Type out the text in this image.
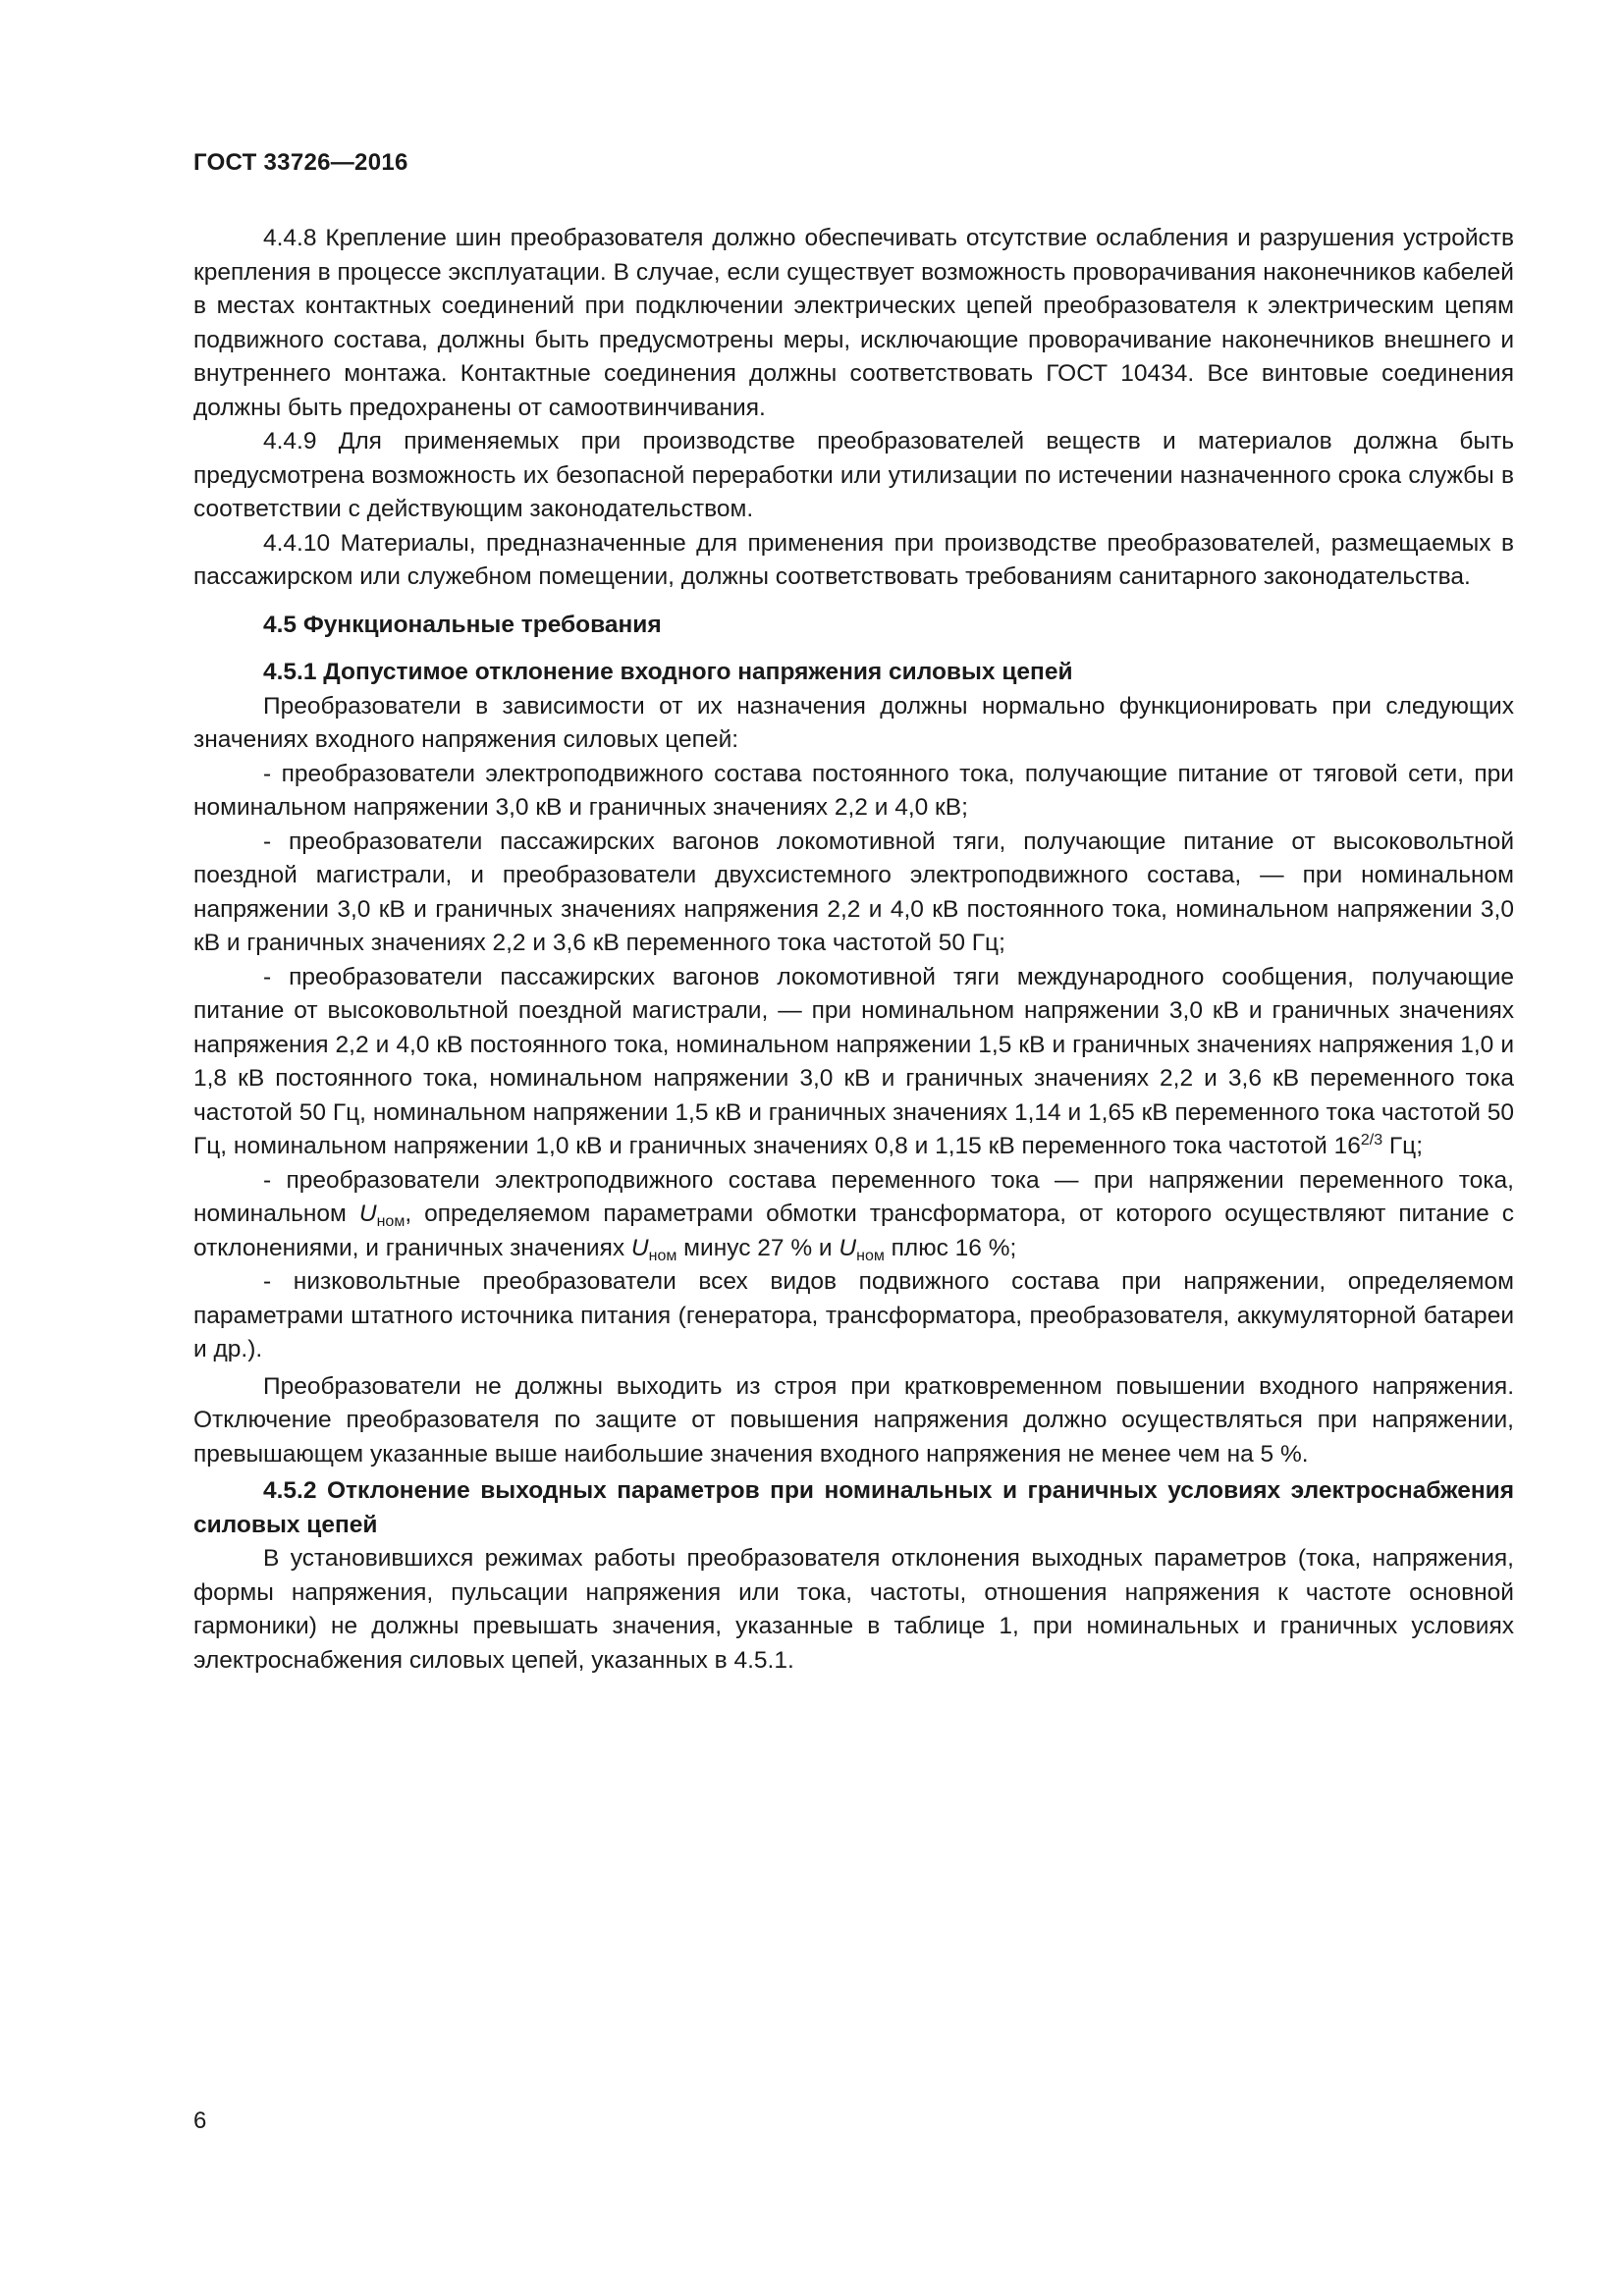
ГОСТ 33726—2016

4.4.8 Крепление шин преобразователя должно обеспечивать отсутствие ослабления и разрушения устройств крепления в процессе эксплуатации. В случае, если существует возможность проворачивания наконечников кабелей в местах контактных соединений при подключении электрических цепей преобразователя к электрическим цепям подвижного состава, должны быть предусмотрены меры, исключающие проворачивание наконечников внешнего и внутреннего монтажа. Контактные соединения должны соответствовать ГОСТ 10434. Все винтовые соединения должны быть предохранены от самоотвинчивания.

4.4.9 Для применяемых при производстве преобразователей веществ и материалов должна быть предусмотрена возможность их безопасной переработки или утилизации по истечении назначенного срока службы в соответствии с действующим законодательством.

4.4.10 Материалы, предназначенные для применения при производстве преобразователей, размещаемых в пассажирском или служебном помещении, должны соответствовать требованиям санитарного законодательства.

4.5 Функциональные требования

4.5.1 Допустимое отклонение входного напряжения силовых цепей

Преобразователи в зависимости от их назначения должны нормально функционировать при следующих значениях входного напряжения силовых цепей:

- преобразователи электроподвижного состава постоянного тока, получающие питание от тяговой сети, при номинальном напряжении 3,0 кВ и граничных значениях 2,2 и 4,0 кВ;

- преобразователи пассажирских вагонов локомотивной тяги, получающие питание от высоковольтной поездной магистрали, и преобразователи двухсистемного электроподвижного состава, — при номинальном напряжении 3,0 кВ и граничных значениях напряжения 2,2 и 4,0 кВ постоянного тока, номинальном напряжении 3,0 кВ и граничных значениях 2,2 и 3,6 кВ переменного тока частотой 50 Гц;

- преобразователи пассажирских вагонов локомотивной тяги международного сообщения, получающие питание от высоковольтной поездной магистрали, — при номинальном напряжении 3,0 кВ и граничных значениях напряжения 2,2 и 4,0 кВ постоянного тока, номинальном напряжении 1,5 кВ и граничных значениях напряжения 1,0 и 1,8 кВ постоянного тока, номинальном напряжении 3,0 кВ и граничных значениях 2,2 и 3,6 кВ переменного тока частотой 50 Гц, номинальном напряжении 1,5 кВ и граничных значениях 1,14 и 1,65 кВ переменного тока частотой 50 Гц, номинальном напряжении 1,0 кВ и граничных значениях 0,8 и 1,15 кВ переменного тока частотой $16^{2/3}$ Гц;

- преобразователи электроподвижного состава переменного тока — при напряжении переменного тока, номинальном $U_{ном}$, определяемом параметрами обмотки трансформатора, от которого осуществляют питание с отклонениями, и граничных значениях $U_{ном}$ минус 27 % и $U_{ном}$ плюс 16 %;

- низковольтные преобразователи всех видов подвижного состава при напряжении, определяемом параметрами штатного источника питания (генератора, трансформатора, преобразователя, аккумуляторной батареи и др.).

Преобразователи не должны выходить из строя при кратковременном повышении входного напряжения. Отключение преобразователя по защите от повышения напряжения должно осуществляться при напряжении, превышающем указанные выше наибольшие значения входного напряжения не менее чем на 5 %.

4.5.2 Отклонение выходных параметров при номинальных и граничных условиях электроснабжения силовых цепей

В установившихся режимах работы преобразователя отклонения выходных параметров (тока, напряжения, формы напряжения, пульсации напряжения или тока, частоты, отношения напряжения к частоте основной гармоники) не должны превышать значения, указанные в таблице 1, при номинальных и граничных условиях электроснабжения силовых цепей, указанных в 4.5.1.

6
